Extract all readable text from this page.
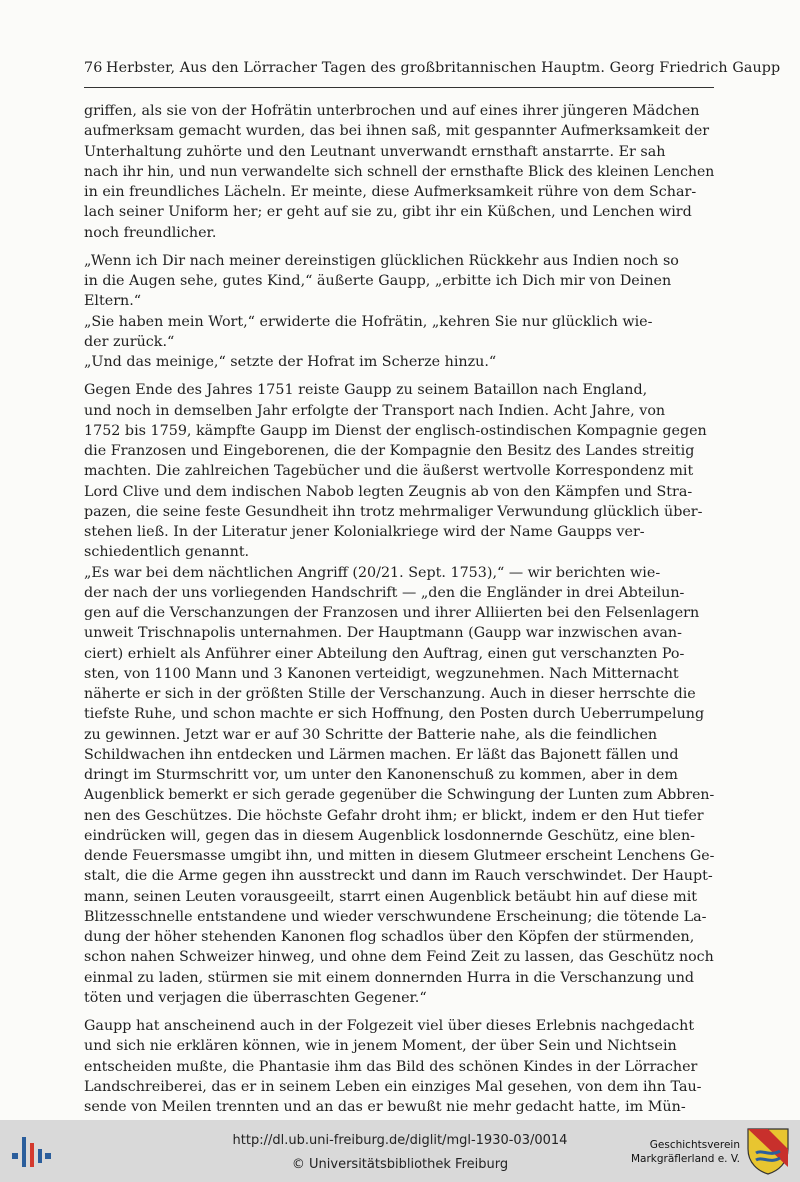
76 Herbster, Aus den Lörracher Tagen des großbritannischen Hauptm. Georg Friedrich Gaupp
griffen, als sie von der Hofrätin unterbrochen und auf eines ihrer jüngeren Mädchen
aufmerksam gemacht wurden, das bei ihnen saß, mit gespannter Aufmerksamkeit der
Unterhaltung zuhörte und den Leutnant unverwandt ernsthaft anstarrte. Er sah
nach ihr hin, und nun verwandelte sich schnell der ernsthafte Blick des kleinen Lenchen
in ein freundliches Lächeln. Er meinte, diese Aufmerksamkeit rühre von dem Schar-
lach seiner Uniform her; er geht auf sie zu, gibt ihr ein Küßchen, und Lenchen wird
noch freundlicher.
„Wenn ich Dir nach meiner dereinstigen glücklichen Rückkehr aus Indien noch so
in die Augen sehe, gutes Kind,“ äußerte Gaupp, „erbitte ich Dich mir von Deinen
Eltern.“
„Sie haben mein Wort,“ erwiderte die Hofrätin, „kehren Sie nur glücklich wie-
der zurück.“
„Und das meinige,“ setzte der Hofrat im Scherze hinzu.“
Gegen Ende des Jahres 1751 reiste Gaupp zu seinem Bataillon nach England,
und noch in demselben Jahr erfolgte der Transport nach Indien. Acht Jahre, von
1752 bis 1759, kämpfte Gaupp im Dienst der englisch-ostindischen Kompagnie gegen
die Franzosen und Eingeborenen, die der Kompagnie den Besitz des Landes streitig
machten. Die zahlreichen Tagebücher und die äußerst wertvolle Korrespondenz mit
Lord Clive und dem indischen Nabob legten Zeugnis ab von den Kämpfen und Stra-
pazen, die seine feste Gesundheit ihn trotz mehrmaliger Verwundung glücklich über-
stehen ließ. In der Literatur jener Kolonialkriege wird der Name Gaupps ver-
schiedentlich genannt.
„Es war bei dem nächtlichen Angriff (20/21. Sept. 1753),“ — wir berichten wie-
der nach der uns vorliegenden Handschrift — „den die Engländer in drei Abteilun-
gen auf die Verschanzungen der Franzosen und ihrer Alliierten bei den Felsenlagern
unweit Trischnapolis unternahmen. Der Hauptmann (Gaupp war inzwischen avan-
ciert) erhielt als Anführer einer Abteilung den Auftrag, einen gut verschanzten Po-
sten, von 1100 Mann und 3 Kanonen verteidigt, wegzunehmen. Nach Mitternacht
näherte er sich in der größten Stille der Verschanzung. Auch in dieser herrschte die
tiefste Ruhe, und schon machte er sich Hoffnung, den Posten durch Ueberrumpelung
zu gewinnen. Jetzt war er auf 30 Schritte der Batterie nahe, als die feindlichen
Schildwachen ihn entdecken und Lärmen machen. Er läßt das Bajonett fällen und
dringt im Sturmschritt vor, um unter den Kanonenschuß zu kommen, aber in dem
Augenblick bemerkt er sich gerade gegenüber die Schwingung der Lunten zum Abbren-
nen des Geschützes. Die höchste Gefahr droht ihm; er blickt, indem er den Hut tiefer
eindrücken will, gegen das in diesem Augenblick losdonnernde Geschütz, eine blen-
dende Feuersmasse umgibt ihn, und mitten in diesem Glutmeer erscheint Lenchens Ge-
stalt, die die Arme gegen ihn ausstreckt und dann im Rauch verschwindet. Der Haupt-
mann, seinen Leuten vorausgeeilt, starrt einen Augenblick betäubt hin auf diese mit
Blitzesschnelle entstandene und wieder verschwundene Erscheinung; die tötende La-
dung der höher stehenden Kanonen flog schadlos über den Köpfen der stürmenden,
schon nahen Schweizer hinweg, und ohne dem Feind Zeit zu lassen, das Geschütz noch
einmal zu laden, stürmen sie mit einem donnernden Hurra in die Verschanzung und
töten und verjagen die überraschten Gegener.“
Gaupp hat anscheinend auch in der Folgezeit viel über dieses Erlebnis nachgedacht
und sich nie erklären können, wie in jenem Moment, der über Sein und Nichtsein
entscheiden mußte, die Phantasie ihm das Bild des schönen Kindes in der Lörracher
Landschreiberei, das er in seinem Leben ein einziges Mal gesehen, von dem ihn Tau-
sende von Meilen trennten und an das er bewußt nie mehr gedacht hatte, im Mün-
http://dl.ub.uni-freiburg.de/diglit/mgl-1930-03/0014
© Universitätsbibliothek Freiburg
Geschichtsverein
Markgräflerland e. V.
